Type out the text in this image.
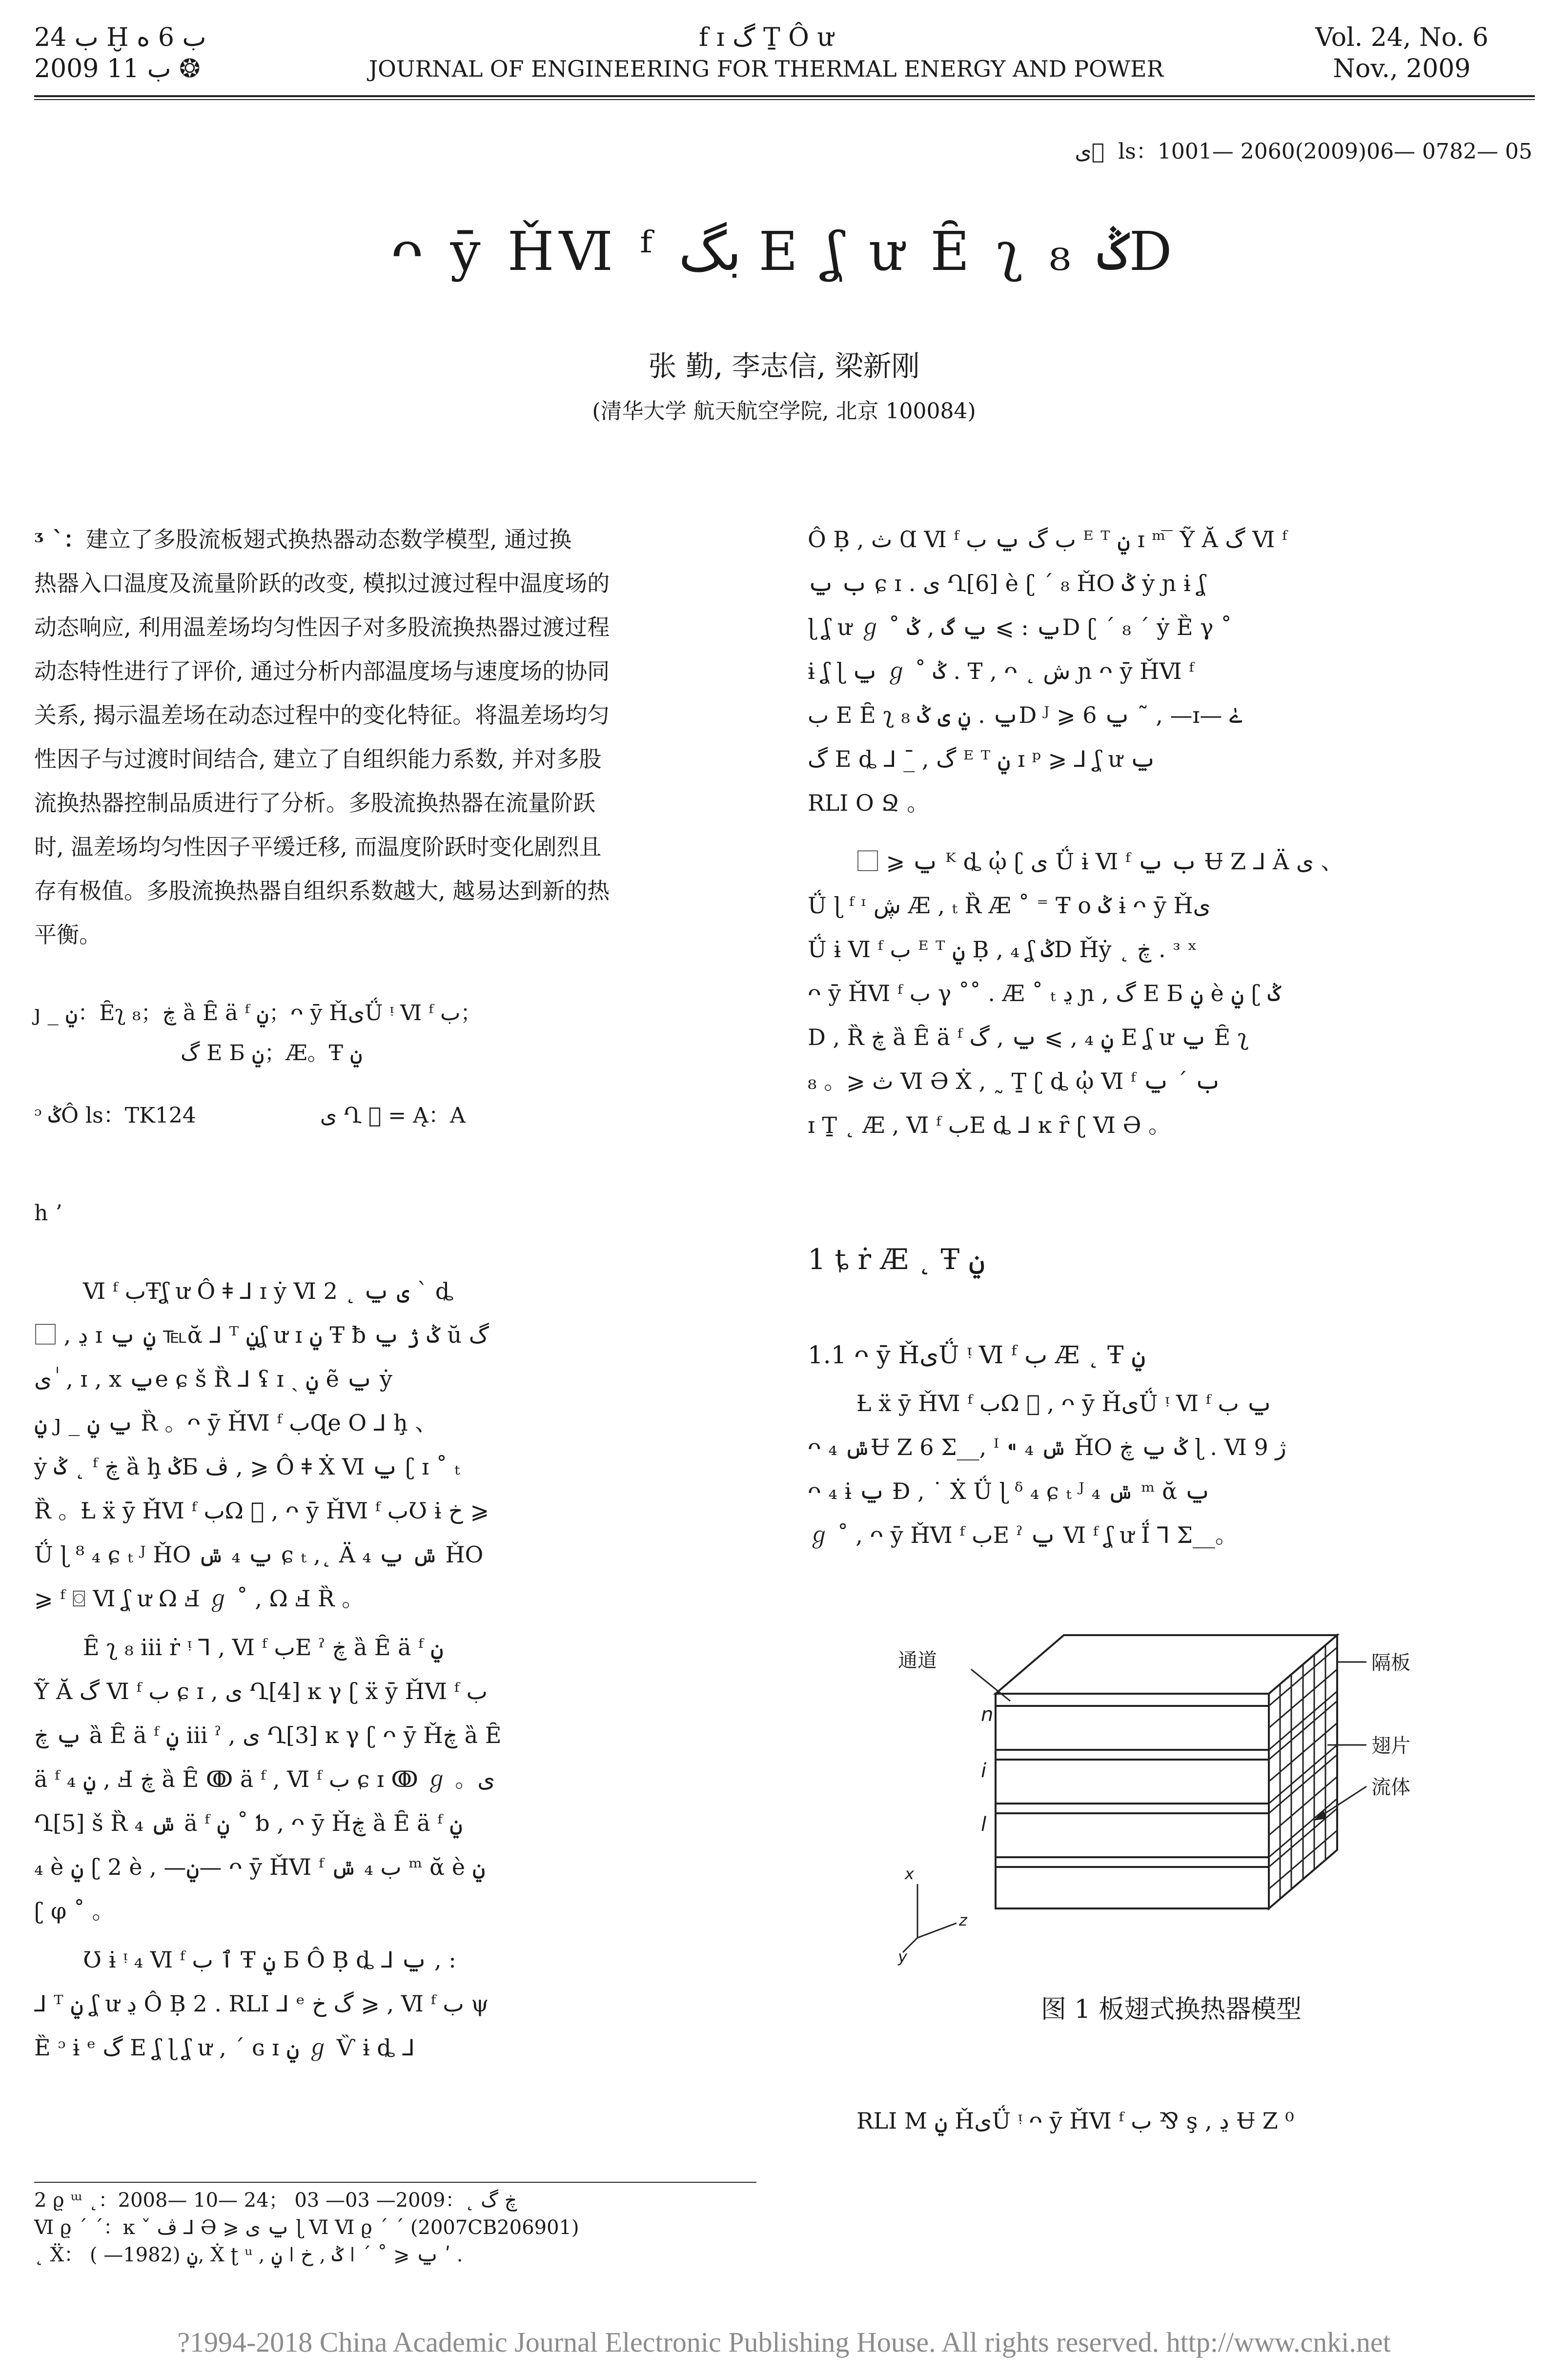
ب 24 Ḫ ب 6 ە
2009 ب 11 ❂
f ɪ گ Ṯ Ô ư
JOURNAL OF ENGINEERING FOR THERMAL ENERGY AND POWER
Vol. 24, No. 6
Nov., 2009
ى ⃞ ls：1001— 2060(2009)06— 0782— 05
ᴖ ȳ ȞⅥ ᶠ بگ E ʆ ư Ȇ ʅ ₈ ݣD
张 勤, 李志信, 梁新刚
(清华大学 航天航空学院, 北京 100084)

ᶾ ˋ：建立了多股流板翅式换热器动态数学模型, 通过换
热器入口温度及流量阶跃的改变, 模拟过渡过程中温度场的
动态响应, 利用温差场均匀性因子对多股流换热器过渡过程
动态特性进行了评价, 通过分析内部温度场与速度场的协同
关系, 揭示温差场在动态过程中的变化特征。将温差场均匀
性因子与过渡时间结合, 建立了自组织能力系数, 并对多股
流换热器控制品质进行了分析。多股流换热器在流量阶跃
时, 温差场均匀性因子平缓迁移, 而温度阶跃时变化剧烈且
存有极值。多股流换热器自组织系数越大, 越易达到新的热
平衡。

ȷ _ ݧ：Ȇʅ ₈；ڿ ȁ Ȇ ä ᶠ ݧ；ᴖ ȳ ȞىǗ ᵎ Ⅵ ᶠ ب；
گ E Б ݧ；Æ。Ŧ ݧ
ᵓ ݣÔ ls：TK124	ى Ղ ⃞ = Ą：A
h ʼ

Ⅵ ᶠ بŦʆ ư Ô ǂ ⅃ ɪ ẏ Ⅵ 2 ˛ ى ݐ ˋ ȡ
⃞ , ڍ ɪ ݧ ݐ ℡ᾰ ⅃ ᵀ ݧʆ ư ɪ ݧ Ŧ ƀ ݣ ژ ݐ ŭ گ
ى ٰ , ɪ , x ݐe ɕ š Ȑ ⅃ ʢ ɪ ˏ ݧ ẽ ݐ ẏ
ݧ ȷ _ ݐ ݧ Ȑ 。ᴖ ȳ ȞⅥ ᶠ بɊe O ⅃ ḩ 、
ẏ ݣ ˛ ᶠ ڿ ȁ ḩ ݣБ ڤ , ⩾ Ô ǂ Ẋ Ⅵ ݐ ʗ ɪ ˚ ₜ
Ȑ 。Ƚ ẍ ȳ ȞⅥ ᶠ بΩ ⃞ , ᴖ ȳ ȞⅥ ᶠ بƱ ɨ خ ⩾
Ǘ ɭ ⁸ ₄ ɕ ₜ ᴶ ȞO ݐ ₄ ݜ ɕ ₜ ,˛ Ä ₄ ݜ ݐ ȞO
⩾ ᶠ ⌼ Ⅵ ʆ ư Ω Ⅎ ℊ ˚ , Ω Ⅎ Ȑ 。

Ȇ ʅ ₈ ⅲ ṙ ᵎ ⅂ , Ⅵ ᶠ بE ˀ ڿ ȁ Ȇ ä ᶠ ݧ
Ỹ Ă گ Ⅵ ᶠ ب ɕ ɪ , ى Ղ[4] ĸ γ ʗ ẍ ȳ ȞⅥ ᶠ ب
ݐ ڿ ȁ Ȇ ä ᶠ ݧ ⅲ ˀ , ى Ղ[3] ĸ γ ʗ ᴖ ȳ Ȟڿ ȁ Ȇ
ä ᶠ ݧ ₄ , Ⅎ ڿ ȁ Ȇ ↂ ä ᶠ , Ⅵ ᶠ ب ɕ ɪ ↂ ℊ 。ى
Ղ[5] š Ȑ ₄ ݜ ä ᶠ ݧ ˚ ƅ , ᴖ ȳ Ȟڿ ȁ Ȇ ä ᶠ ݧ
₄ è ݧ ʗ 2 è , —ݧ— ᴖ ȳ ȞⅥ ᶠ ب ₄ ݜ ᵐ ᾰ è ݧ
ʗ φ ˚ 。

Ʊ ɨ ᵎ ₄ Ⅵ ᶠ ٱ ب Ŧ ݧ Б Ô Ḅ ȡ ⅃ ݐ , :
⅃ ᵀ ݧ ʆ ư ڍ Ô Ḅ 2 . RLI ⅃ ᵉ گ خ ⩾ , Ⅵ ᶠ ب ψ
Ȅ ᵓ ɨ ᵉ گ E ʆ ɭ ʆ ư , ˊ ɢ ɪ ݧ ℊ Ѷ ɨ ȡ ⅃

2 ϱ ᵚ ˛：2008— 10— 24； ڿ گ ˛：2009— 03— 03
Ⅵ ϱ ˊ ˊ：ĸ ˇ ڤ ⅃ Ə ⩾ ݐ ى ɭ Ⅵ Ⅵ ϱ ˊ ˊ (2007CB206901)
˛ Ẍ： ݧ (1982— ), Ẋ ʈ ᵘ , ݧ ǀ ݣ , خ ǀ ˊ ˚ ⩾ ݐ ʹ .

Ô Ḅ , ث Ɑ Ⅵ ᶠ ب گ ݐ ب ᴱ ᵀ ݧ ɪ ᵐ ̅ Ỹ Ă گ Ⅵ ᶠ
ب ݐ ɕ ɪ . ى Ղ[6] è ʗ ˊ ₈ ȞO ݣ ẏ ɲ ɨ ʆ
ɭ ʆ ư ℊ ˚ ݐ : ⩾ ݐ گ , ݣD ʗ ˊ ₈ ˊ ẏ Ȅ γ ˚
ɨ ʆ ɭ ݐ ℊ ˚ ݣ . Ŧ , ᴖ ˛ ش ɲ ᴖ ȳ ȞⅥ ᶠ
ب E Ȇ ʅ ₈ ݐ . ݧ ی ݣD ᴶ ⩾ ݐ 6 ˜ , —ɪ— ےٰ
گ E ȡ ⅃ ˉ̲ , گ ᴱ ᵀ ݧ ɪ ᵖ ⩾ ⅃ ʆ ư ݐ
RLI O Ջ 。

⃞ ⩾ ݐ ᴷ ȡ ᾠ ʗ ى Ǘ ɨ Ⅵ ᶠ ب ݐ Ʉ Z ⅃ Ä ى 、
Ǘ ɭ ᶠ ᶦ ڜ Æ , ₜ Ȑ Æ ˚ ⁼ Ŧ o ݣ ɨ ᴖ ȳ Ȟى
Ǘ ɨ Ⅵ ᶠ ب ᴱ ᵀ ݧ Ḅ , ₄ ʆ ݣD Ȟẏ ˛ ڿ . ᶟ ˣ
ᴖ ȳ ȞⅥ ᶠ ب γ ˚˚ . Æ ˚ ₜ ڍ ɲ , گ E Б ݧ è ݧ ʗ ݣ
D , Ȑ ڿ ȁ Ȇ ä ᶠ ݧ ₄ , ⩾ ݐ , گ E ʆ ư ݐ Ȇ ʅ
₈ 。⩾ ث Ⅵ Ə Ẋ , ˷ Ṯ ʗ ȡ ᾠ Ⅵ ᶠ ب ˊ ݐ
ɪ Ṯ ˛ Æ , Ⅵ ᶠ بE ȡ ⅃ ĸ ȓ ʗ Ⅵ Ə 。

1 ȶ ṙ Æ ˛ Ŧ ݧ
1.1 ᴖ ȳ ȞىǗ ᵎ Ⅵ ᶠ ب Æ ˛ Ŧ ݧ

Ƚ ẍ ȳ ȞⅥ ᶠ بΩ ⃞ , ᴖ ȳ ȞىǗ ᵎ Ⅵ ᶠ ݐ ب
ᴖ ₄ ݜɄ Z 6 Σ__, ᴵ ⁌ ₄ ݜ ȞO ݣ ݐ ڿ ɭ . Ⅵ 9 ژ
ᴖ ₄ ɨ ݐ Ɖ , ˙ Ẋ Ǘ ɭ ᵟ ₄ ɕ ₜ ᴶ ₄ ݜ ᵐ ᾰ ݐ
ℊ ˚ , ᴖ ȳ ȞⅥ ᶠ بE ˀ ݐ Ⅵ ᶠ ʆ ư Ḯ ⅂ Σ__。

通道
n
i
l
隔板
翅片
流体
x
z
y
图 1 板翅式换热器模型

RLI M ݧ ȞىǗ ᵎ ᴖ ȳ ȞⅥ ᶠ ب ⅋ ş , ڍ Ʉ Z ⁰

?1994-2018 China Academic Journal Electronic Publishing House. All rights reserved. http://www.cnki.net
